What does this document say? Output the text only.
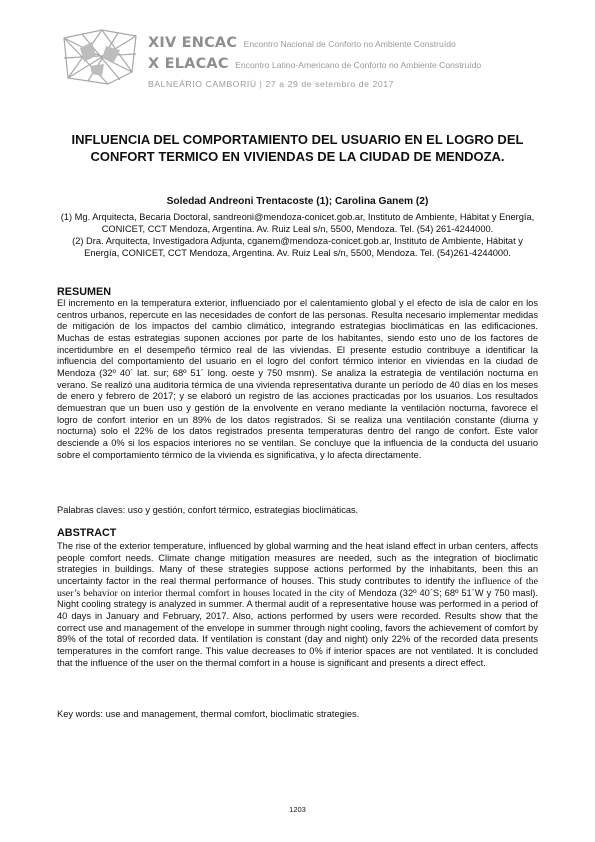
XIV ENCAC Encontro Nacional de Conforto no Ambiente Construído
X ELACAC Encontro Latino-Americano de Conforto no Ambiente Construído
BALNEÁRIO CAMBORIÚ | 27 a 29 de setembro de 2017
INFLUENCIA DEL COMPORTAMIENTO DEL USUARIO EN EL LOGRO DEL CONFORT TERMICO EN VIVIENDAS DE LA CIUDAD DE MENDOZA.
Soledad Andreoni Trentacoste (1); Carolina Ganem (2)
(1) Mg. Arquitecta, Becaria Doctoral, sandreoni@mendoza-conicet.gob.ar, Instituto de Ambiente, Hábitat y Energía, CONICET, CCT Mendoza, Argentina. Av. Ruiz Leal s/n, 5500, Mendoza. Tel. (54) 261-4244000.
(2) Dra. Arquitecta, Investigadora Adjunta, cganem@mendoza-conicet.gob.ar, Instituto de Ambiente, Hábitat y Energía, CONICET, CCT Mendoza, Argentina. Av. Ruiz Leal s/n, 5500, Mendoza. Tel. (54)261-4244000.
RESUMEN
El incremento en la temperatura exterior, influenciado por el calentamiento global y el efecto de isla de calor en los centros urbanos, repercute en las necesidades de confort de las personas. Resulta necesario implementar medidas de mitigación de los impactos del cambio climático, integrando estrategias bioclimáticas en las edificaciones. Muchas de estas estrategias suponen acciones por parte de los habitantes, siendo esto uno de los factores de incertidumbre en el desempeño térmico real de las viviendas. El presente estudio contribuye a identificar la influencia del comportamiento del usuario en el logro del confort térmico interior en viviendas en la ciudad de Mendoza (32º 40´ lat. sur; 68º 51´ long. oeste y 750 msnm). Se analiza la estrategia de ventilación nocturna en verano. Se realizó una auditoria térmica de una vivienda representativa durante un período de 40 días en los meses de enero y febrero de 2017; y se elaboró un registro de las acciones practicadas por los usuarios. Los resultados demuestran que un buen uso y gestión de la envolvente en verano mediante la ventilación nocturna, favorece el logro de confort interior en un 89% de los datos registrados. Si se realiza una ventilación constante (diurna y nocturna) solo el 22% de los datos registrados presenta temperaturas dentro del rango de confort. Este valor desciende a 0% si los espacios interiores no se ventilan. Se concluye que la influencia de la conducta del usuario sobre el comportamiento térmico de la vivienda es significativa, y lo afecta directamente.
Palabras claves: uso y gestión, confort térmico, estrategias bioclimáticas.
ABSTRACT
The rise of the exterior temperature, influenced by global warming and the heat island effect in urban centers, affects people comfort needs. Climate change mitigation measures are needed, such as the integration of bioclimatic strategies in buildings. Many of these strategies suppose actions performed by the inhabitants, been this an uncertainty factor in the real thermal performance of houses. This study contributes to identify the influence of the user’s behavior on interior thermal comfort in houses located in the city of Mendoza (32º 40´S; 68º 51´W y 750 masl). Night cooling strategy is analyzed in summer. A thermal audit of a representative house was performed in a period of 40 days in January and February, 2017. Also, actions performed by users were recorded. Results show that the correct use and management of the envelope in summer through night cooling, favors the achievement of comfort by 89% of the total of recorded data. If ventilation is constant (day and night) only 22% of the recorded data presents temperatures in the comfort range. This value decreases to 0% if interior spaces are not ventilated. It is concluded that the influence of the user on the thermal comfort in a house is significant and presents a direct effect.
Key words: use and management, thermal comfort, bioclimatic strategies.
1203
